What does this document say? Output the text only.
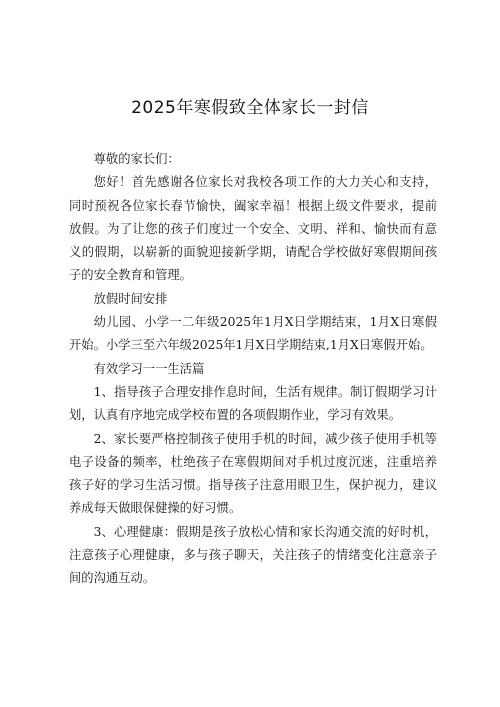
2025年寒假致全体家长一封信

尊敬的家长们：

您好！首先感谢各位家长对我校各项工作的大力关心和支持，同时预祝各位家长春节愉快，阖家幸福！根据上级文件要求，提前放假。为了让您的孩子们度过一个安全、文明、祥和、愉快而有意义的假期，以崭新的面貌迎接新学期，请配合学校做好寒假期间孩子的安全教育和管理。

放假时间安排

幼儿园、小学一二年级2025年1月X日学期结束，1月X日寒假开始。小学三至六年级2025年1月X日学期结束,1月X日寒假开始。

有效学习一一生活篇

1、指导孩子合理安排作息时间，生活有规律。制订假期学习计划，认真有序地完成学校布置的各项假期作业，学习有效果。

2、家长要严格控制孩子使用手机的时间，减少孩子使用手机等电子设备的频率，杜绝孩子在寒假期间对手机过度沉迷，注重培养孩子好的学习生活习惯。指导孩子注意用眼卫生，保护视力，建议养成每天做眼保健操的好习惯。

3、心理健康：假期是孩子放松心情和家长沟通交流的好时机，注意孩子心理健康，多与孩子聊天，关注孩子的情绪变化注意亲子间的沟通互动。
